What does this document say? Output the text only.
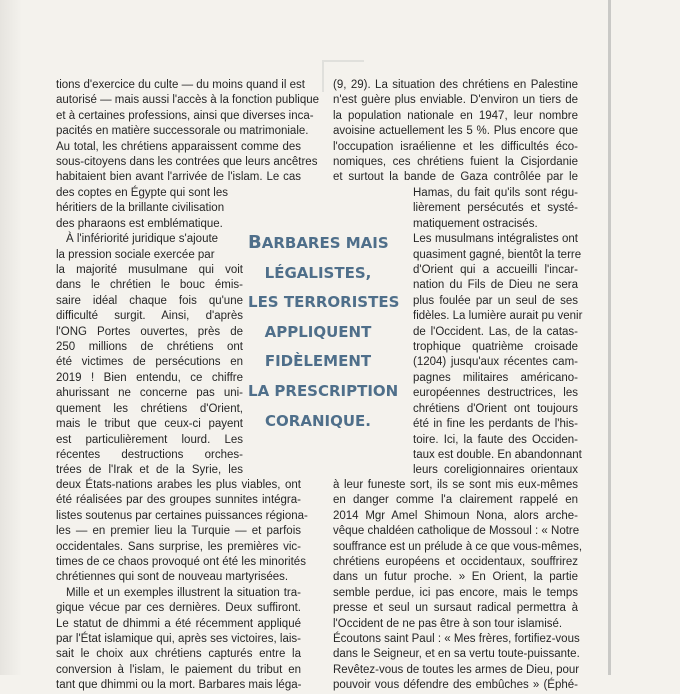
tions d'exercice du culte — du moins quand il est
autorisé — mais aussi l'accès à la fonction publique
et à certaines professions, ainsi que diverses inca-
pacités en matière successorale ou matrimoniale.
Au total, les chrétiens apparaissent comme des
sous-citoyens dans les contrées que leurs ancêtres
habitaient bien avant l'arrivée de l'islam. Le cas
des coptes en Égypte qui sont les
héritiers de la brillante civilisation
des pharaons est emblématique.
À l'infériorité juridique s'ajoute
la pression sociale exercée par
la majorité musulmane qui voit
dans le chrétien le bouc émis-
saire idéal chaque fois qu'une
difficulté surgit. Ainsi, d'après
l'ONG Portes ouvertes, près de
250 millions de chrétiens ont
été victimes de persécutions en
2019 ! Bien entendu, ce chiffre
ahurissant ne concerne pas uni-
quement les chrétiens d'Orient,
mais le tribut que ceux-ci payent
est particulièrement lourd. Les
récentes destructions orches-
trées de l'Irak et de la Syrie, les
deux États-nations arabes les plus viables, ont
été réalisées par des groupes sunnites intégra-
listes soutenus par certaines puissances régiona-
les — en premier lieu la Turquie — et parfois
occidentales. Sans surprise, les premières vic-
times de ce chaos provoqué ont été les minorités
chrétiennes qui sont de nouveau martyrisées.
Mille et un exemples illustrent la situation tra-
gique vécue par ces dernières. Deux suffiront.
Le statut de dhimmi a été récemment appliqué
par l'État islamique qui, après ses victoires, lais-
sait le choix aux chrétiens capturés entre la
conversion à l'islam, le paiement du tribut en
tant que dhimmi ou la mort. Barbares mais léga-
(9, 29). La situation des chrétiens en Palestine
n'est guère plus enviable. D'environ un tiers de
la population nationale en 1947, leur nombre
avoisine actuellement les 5 %. Plus encore que
l'occupation israélienne et les difficultés éco-
nomiques, ces chrétiens fuient la Cisjordanie
et surtout la bande de Gaza contrôlée par le
Hamas, du fait qu'ils sont régu-
lièrement persécutés et systé-
matiquement ostracisés.
Les musulmans intégralistes ont
quasiment gagné, bientôt la terre
d'Orient qui a accueilli l'incar-
nation du Fils de Dieu ne sera
plus foulée par un seul de ses
fidèles. La lumière aurait pu venir
de l'Occident. Las, de la catas-
trophique quatrième croisade
(1204) jusqu'aux récentes cam-
pagnes militaires américano-
européennes destructrices, les
chrétiens d'Orient ont toujours
été in fine les perdants de l'his-
toire. Ici, la faute des Occiden-
taux est double. En abandonnant
leurs coreligionnaires orientaux
à leur funeste sort, ils se sont mis eux-mêmes
en danger comme l'a clairement rappelé en
2014 Mgr Amel Shimoun Nona, alors arche-
vêque chaldéen catholique de Mossoul : « Notre
souffrance est un prélude à ce que vous-mêmes,
chrétiens européens et occidentaux, souffrirez
dans un futur proche. » En Orient, la partie
semble perdue, ici pas encore, mais le temps
presse et seul un sursaut radical permettra à
l'Occident de ne pas être à son tour islamisé.
Écoutons saint Paul : « Mes frères, fortifiez-vous
dans le Seigneur, et en sa vertu toute-puissante.
Revêtez-vous de toutes les armes de Dieu, pour
pouvoir vous défendre des embûches » (Éphé-
BARBARES MAIS
LÉGALISTES,
LES TERRORISTES
APPLIQUENT
FIDÈLEMENT
LA PRESCRIPTION
CORANIQUE.
